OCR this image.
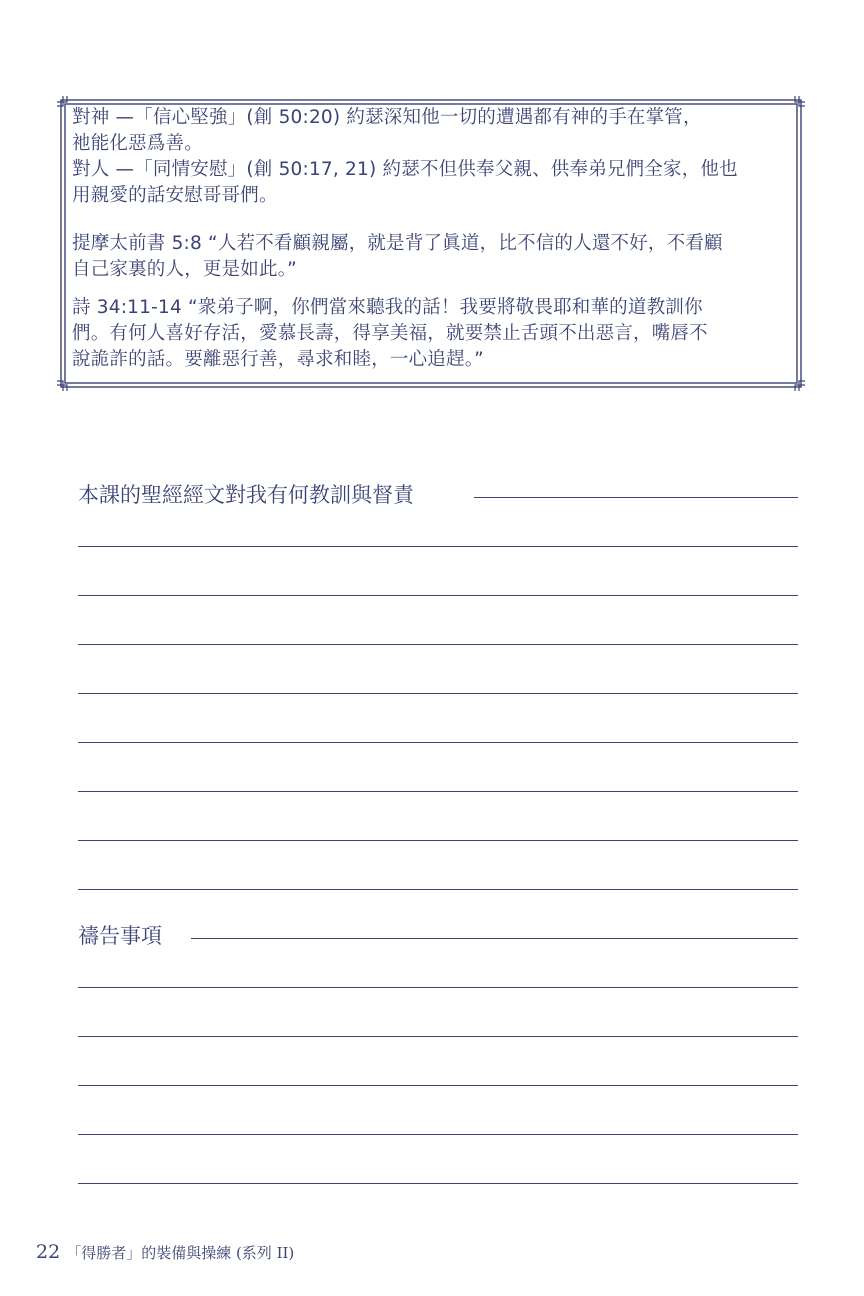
對神 —「信心堅強」(創 50:20) 約瑟深知他一切的遭遇都有神的手在掌管，

祂能化惡爲善。

對人 —「同情安慰」(創 50:17, 21) 約瑟不但供奉父親、供奉弟兄們全家，他也

用親愛的話安慰哥哥們。

提摩太前書 5:8 “人若不看顧親屬，就是背了眞道，比不信的人還不好，不看顧

自己家裏的人，更是如此。”

詩 34:11-14 “衆弟子啊，你們當來聽我的話！我要將敬畏耶和華的道教訓你

們。有何人喜好存活，愛慕長壽，得享美福，就要禁止舌頭不出惡言，嘴唇不

說詭詐的話。要離惡行善，尋求和睦，一心追趕。”

本課的聖經經文對我有何教訓與督責
禱告事項
22 「得勝者」的裝備與操練 (系列 II)
